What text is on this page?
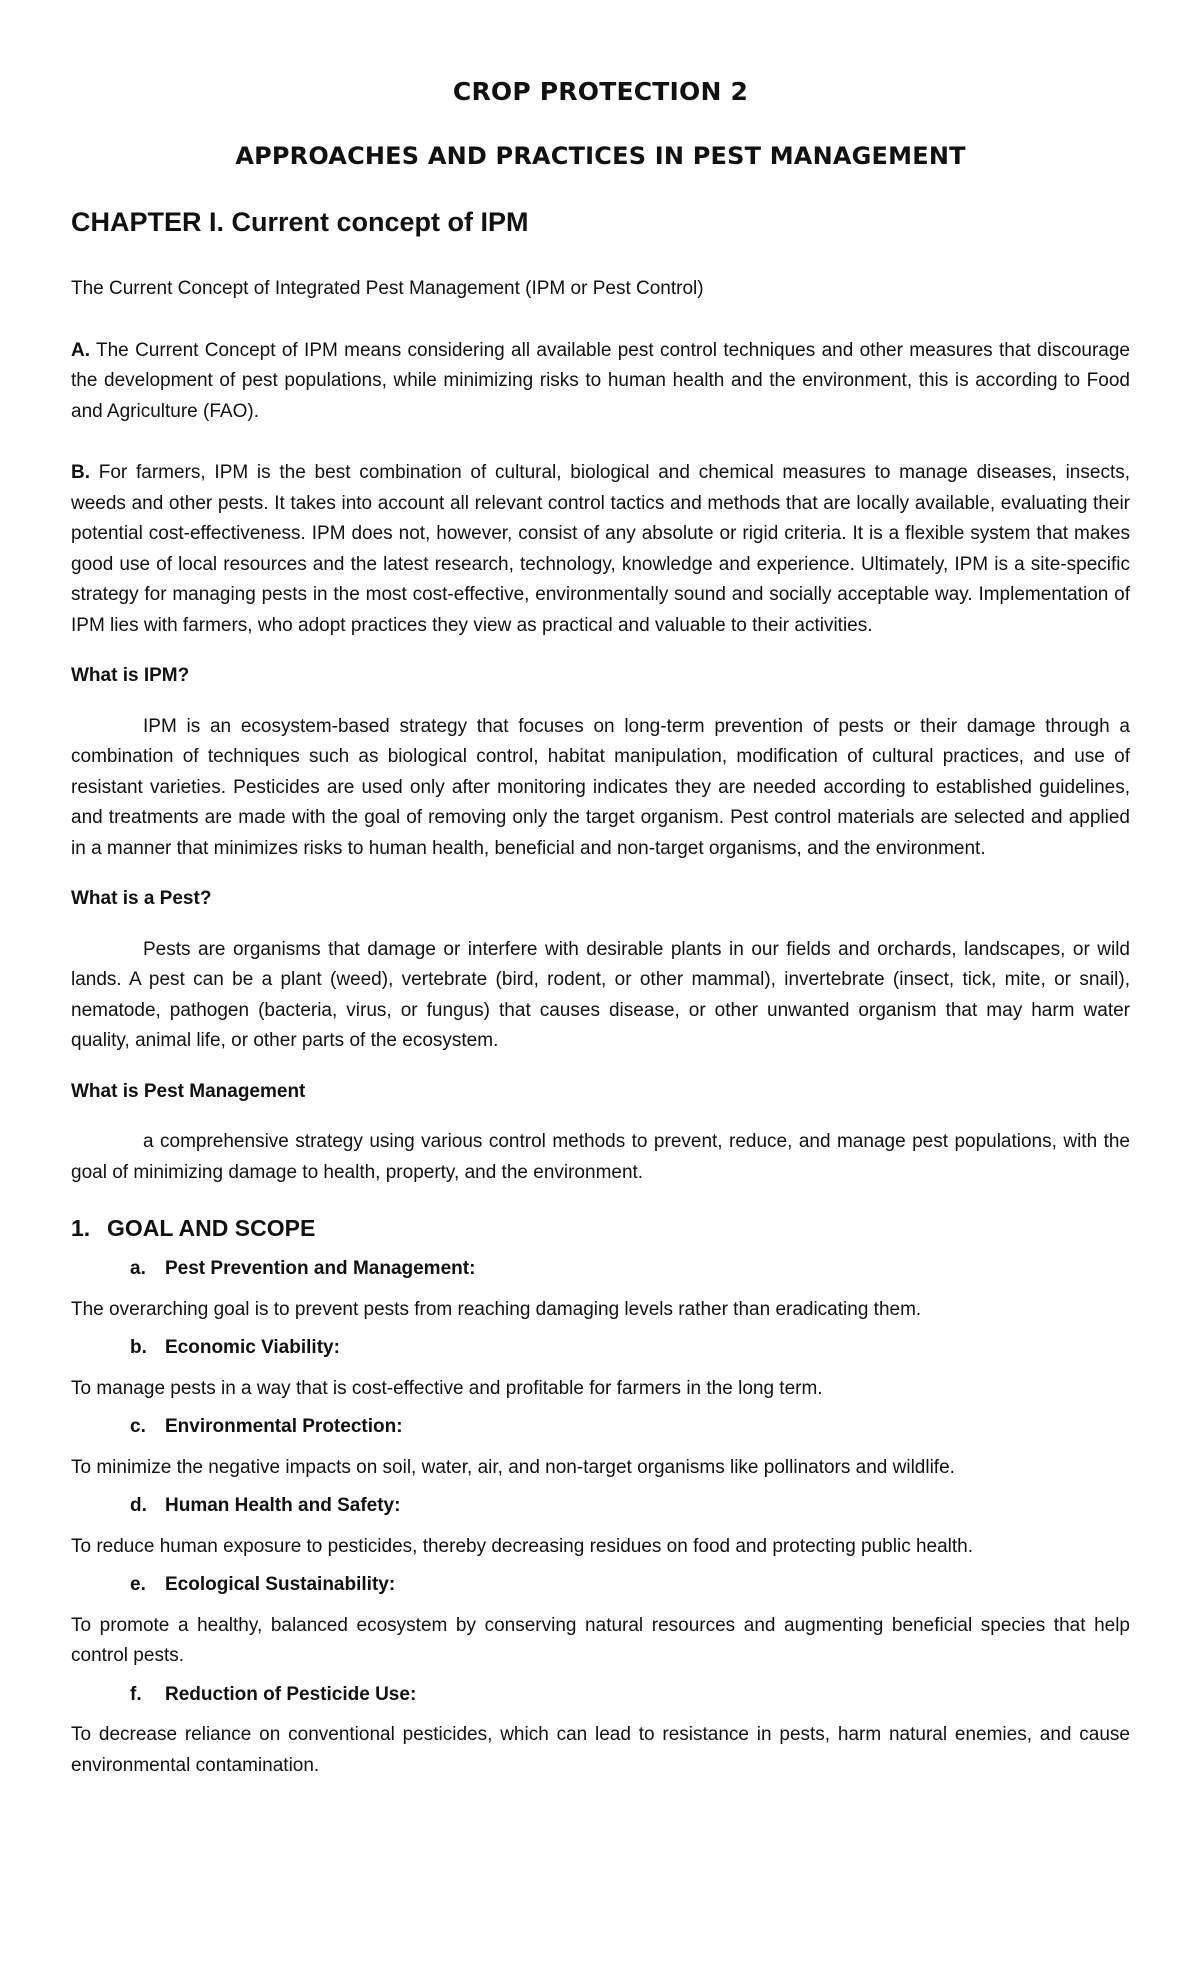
CROP PROTECTION 2
APPROACHES AND PRACTICES IN PEST MANAGEMENT
CHAPTER I. Current concept of IPM

The Current Concept of Integrated Pest Management (IPM or Pest Control)

A. The Current Concept of IPM means considering all available pest control techniques and other measures that discourage the development of pest populations, while minimizing risks to human health and the environment, this is according to Food and Agriculture (FAO).

B. For farmers, IPM is the best combination of cultural, biological and chemical measures to manage diseases, insects, weeds and other pests. It takes into account all relevant control tactics and methods that are locally available, evaluating their potential cost-effectiveness. IPM does not, however, consist of any absolute or rigid criteria. It is a flexible system that makes good use of local resources and the latest research, technology, knowledge and experience. Ultimately, IPM is a site-specific strategy for managing pests in the most cost-effective, environmentally sound and socially acceptable way. Implementation of IPM lies with farmers, who adopt practices they view as practical and valuable to their activities.

What is IPM?

IPM is an ecosystem-based strategy that focuses on long-term prevention of pests or their damage through a combination of techniques such as biological control, habitat manipulation, modification of cultural practices, and use of resistant varieties. Pesticides are used only after monitoring indicates they are needed according to established guidelines, and treatments are made with the goal of removing only the target organism. Pest control materials are selected and applied in a manner that minimizes risks to human health, beneficial and non-target organisms, and the environment.

What is a Pest?

Pests are organisms that damage or interfere with desirable plants in our fields and orchards, landscapes, or wild lands. A pest can be a plant (weed), vertebrate (bird, rodent, or other mammal), invertebrate (insect, tick, mite, or snail), nematode, pathogen (bacteria, virus, or fungus) that causes disease, or other unwanted organism that may harm water quality, animal life, or other parts of the ecosystem.

What is Pest Management

a comprehensive strategy using various control methods to prevent, reduce, and manage pest populations, with the goal of minimizing damage to health, property, and the environment.

1. GOAL AND SCOPE
a. Pest Prevention and Management:

The overarching goal is to prevent pests from reaching damaging levels rather than eradicating them.

b. Economic Viability:

To manage pests in a way that is cost-effective and profitable for farmers in the long term.

c. Environmental Protection:

To minimize the negative impacts on soil, water, air, and non-target organisms like pollinators and wildlife.

d. Human Health and Safety:

To reduce human exposure to pesticides, thereby decreasing residues on food and protecting public health.

e. Ecological Sustainability:

To promote a healthy, balanced ecosystem by conserving natural resources and augmenting beneficial species that help control pests.

f. Reduction of Pesticide Use:

To decrease reliance on conventional pesticides, which can lead to resistance in pests, harm natural enemies, and cause environmental contamination.
